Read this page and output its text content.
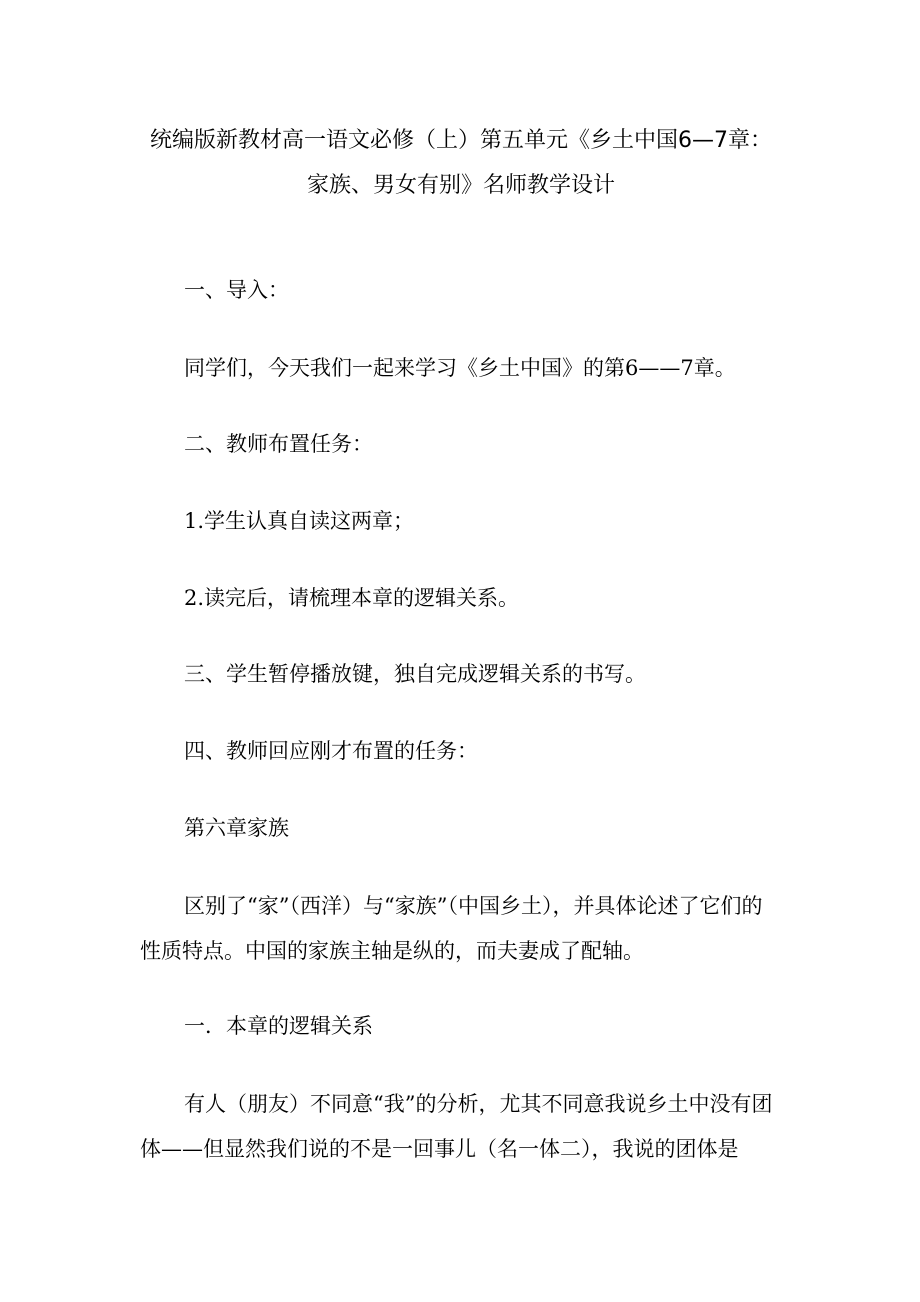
统编版新教材高一语文必修（上）第五单元《乡土中国6—7章：家族、男女有别》名师教学设计

一、导入：

同学们，今天我们一起来学习《乡土中国》的第6——7章。

二、教师布置任务：

1.学生认真自读这两章；

2.读完后，请梳理本章的逻辑关系。

三、学生暂停播放键，独自完成逻辑关系的书写。

四、教师回应刚才布置的任务：

第六章家族

区别了“家”（西洋）与“家族”（中国乡土），并具体论述了它们的性质特点。中国的家族主轴是纵的，而夫妻成了配轴。

一．本章的逻辑关系

有人（朋友）不同意“我”的分析，尤其不同意我说乡土中没有团体——但显然我们说的不是一回事儿（名一体二），我说的团体是
